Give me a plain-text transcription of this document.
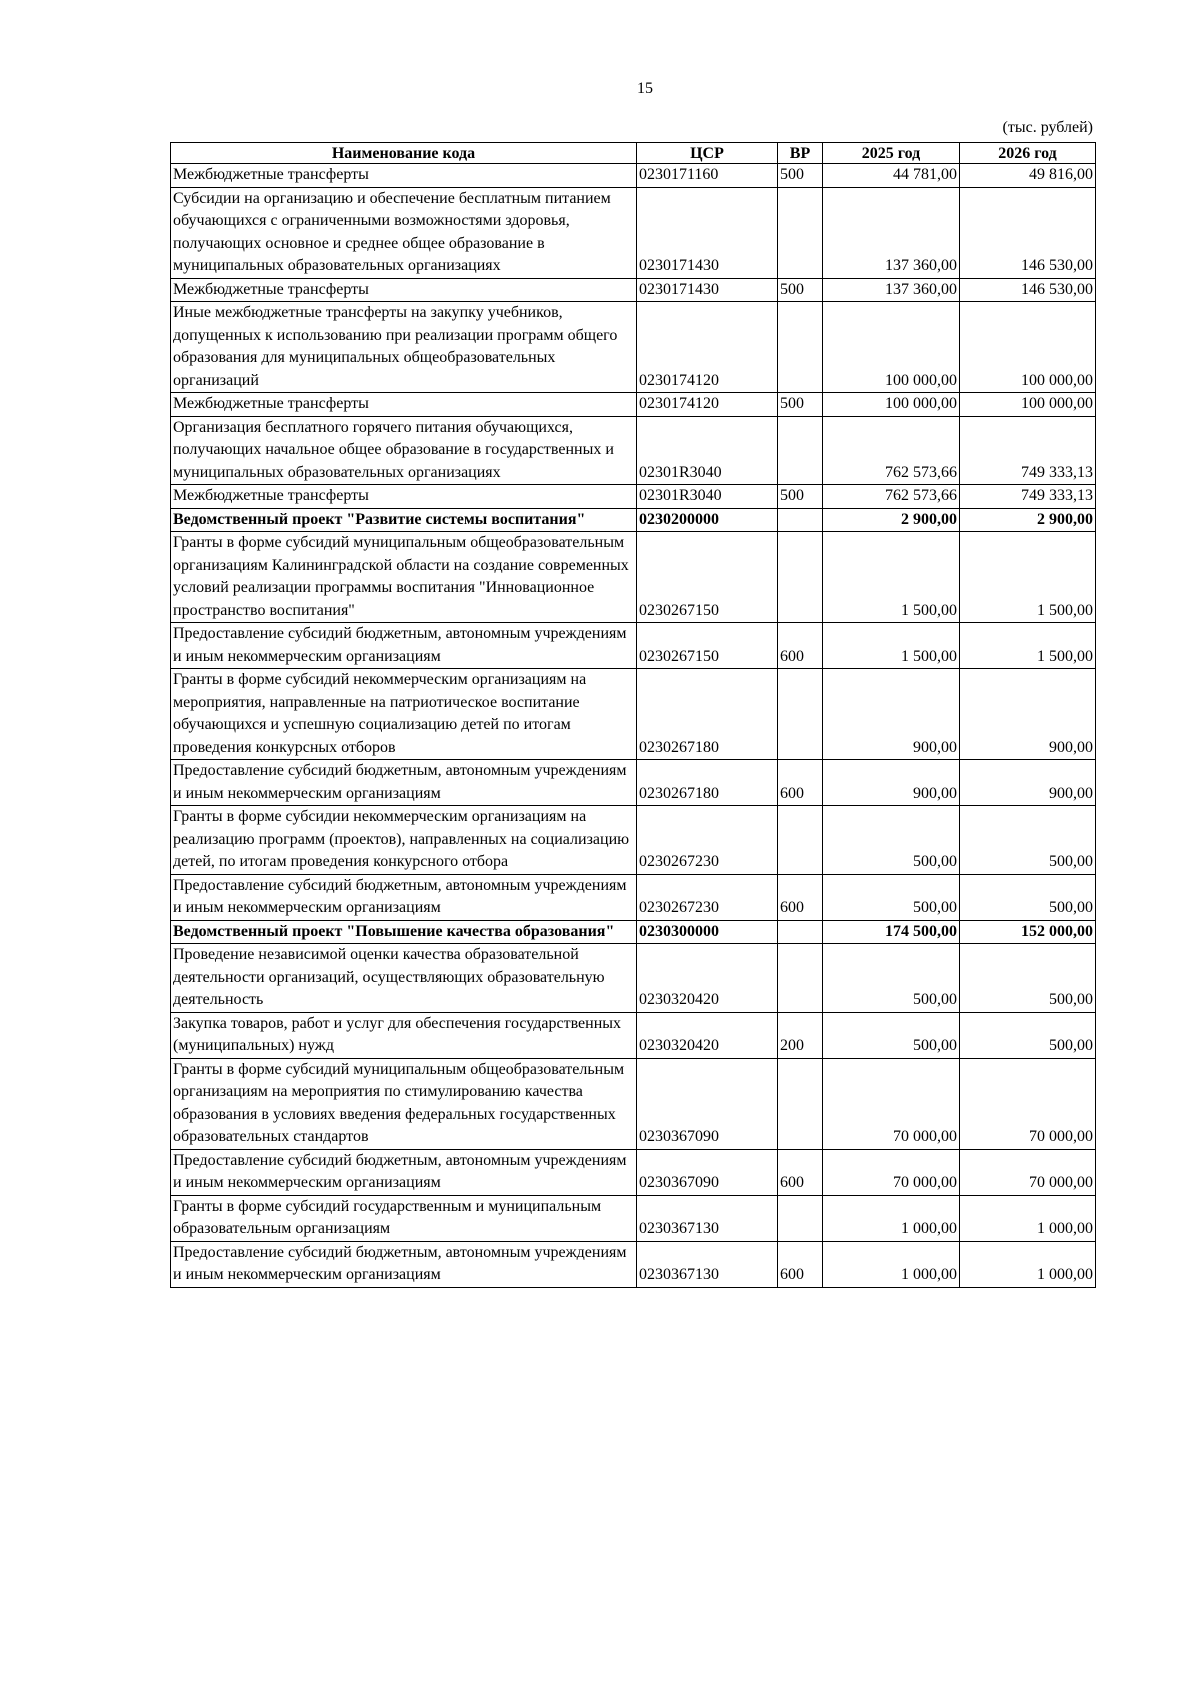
15
(тыс. рублей)
Наименование кода	ЦСР	ВР	2025 год	2026 год
Межбюджетные трансферты	0230171160	500	44 781,00	49 816,00
Субсидии на организацию и обеспечение бесплатным питанием обучающихся с ограниченными возможностями здоровья, получающих основное и среднее общее образование в муниципальных образовательных организациях	0230171430		137 360,00	146 530,00
Межбюджетные трансферты	0230171430	500	137 360,00	146 530,00
Иные межбюджетные трансферты на закупку учебников, допущенных к использованию при реализации программ общего образования для муниципальных общеобразовательных организаций	0230174120		100 000,00	100 000,00
Межбюджетные трансферты	0230174120	500	100 000,00	100 000,00
Организация бесплатного горячего питания обучающихся, получающих начальное общее образование в государственных и муниципальных образовательных организациях	02301R3040		762 573,66	749 333,13
Межбюджетные трансферты	02301R3040	500	762 573,66	749 333,13
Ведомственный проект "Развитие системы воспитания"	0230200000		2 900,00	2 900,00
Гранты в форме субсидий муниципальным общеобразовательным организациям Калининградской области на создание современных условий реализации программы воспитания "Инновационное пространство воспитания"	0230267150		1 500,00	1 500,00
Предоставление субсидий бюджетным, автономным учреждениям и иным некоммерческим организациям	0230267150	600	1 500,00	1 500,00
Гранты в форме субсидий некоммерческим организациям на мероприятия, направленные на патриотическое воспитание обучающихся и успешную социализацию детей по итогам проведения конкурсных отборов	0230267180		900,00	900,00
Предоставление субсидий бюджетным, автономным учреждениям и иным некоммерческим организациям	0230267180	600	900,00	900,00
Гранты в форме субсидии некоммерческим организациям на реализацию программ (проектов), направленных на социализацию детей, по итогам проведения конкурсного отбора	0230267230		500,00	500,00
Предоставление субсидий бюджетным, автономным учреждениям и иным некоммерческим организациям	0230267230	600	500,00	500,00
Ведомственный проект "Повышение качества образования"	0230300000		174 500,00	152 000,00
Проведение независимой оценки качества образовательной деятельности организаций, осуществляющих образовательную деятельность	0230320420		500,00	500,00
Закупка товаров, работ и услуг для обеспечения государственных (муниципальных) нужд	0230320420	200	500,00	500,00
Гранты в форме субсидий муниципальным общеобразовательным организациям на мероприятия по стимулированию качества образования в условиях введения федеральных государственных образовательных стандартов	0230367090		70 000,00	70 000,00
Предоставление субсидий бюджетным, автономным учреждениям и иным некоммерческим организациям	0230367090	600	70 000,00	70 000,00
Гранты в форме субсидий государственным и муниципальным образовательным организациям	0230367130		1 000,00	1 000,00
Предоставление субсидий бюджетным, автономным учреждениям и иным некоммерческим организациям	0230367130	600	1 000,00	1 000,00
